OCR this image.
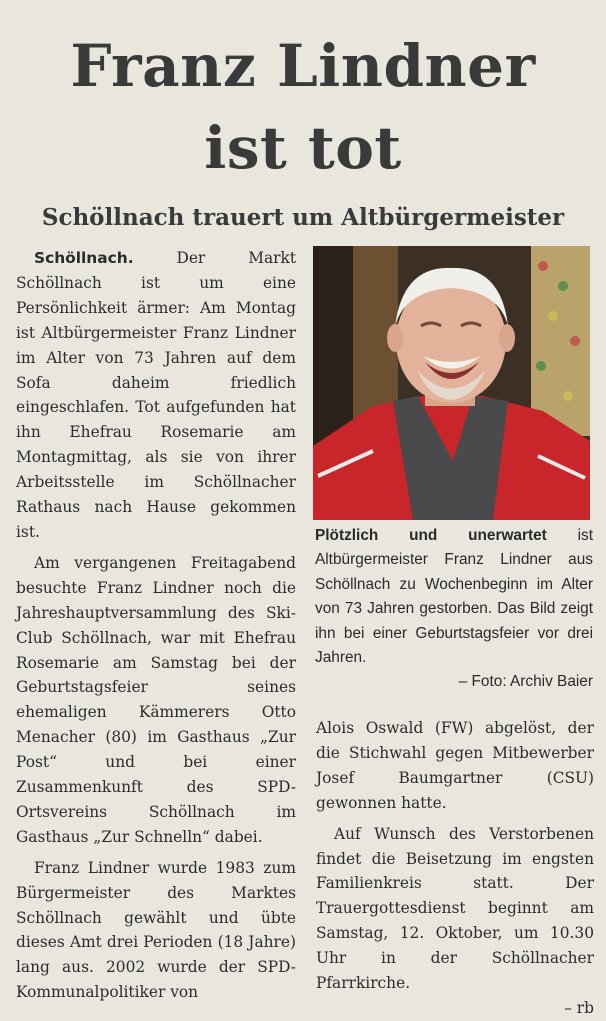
Franz Lindner
ist tot
Schöllnach trauert um Altbürgermeister

Schöllnach.	Der Markt Schöllnach ist um eine Persönlichkeit ärmer: Am Montag ist Altbürgermeister Franz Lindner im Alter von 73 Jahren auf dem Sofa daheim friedlich eingeschlafen. Tot aufgefunden hat ihn Ehefrau Rosemarie am Montagmittag, als sie von ihrer Arbeitsstelle im Schöllnacher Rathaus nach Hause gekommen ist.

Am vergangenen Freitagabend besuchte Franz Lindner noch die Jahreshauptversammlung des Ski-Club Schöllnach, war mit Ehefrau Rosemarie am Samstag bei der Geburtstagsfeier seines ehemaligen Kämmerers Otto Menacher (80) im Gasthaus „Zur Post“ und bei einer Zusammenkunft des SPD-Ortsvereins Schöllnach im Gasthaus „Zur Schnelln“ dabei.

Franz Lindner wurde 1983 zum Bürgermeister des Marktes Schöllnach gewählt und übte dieses Amt drei Perioden (18 Jahre) lang aus. 2002 wurde der SPD-Kommunalpolitiker von

Plötzlich und unerwartet ist Altbürgermeister Franz Lindner aus Schöllnach zu Wochenbeginn im Alter von 73 Jahren gestorben. Das Bild zeigt ihn bei einer Geburtstagsfeier vor drei Jahren.
– Foto: Archiv Baier

Alois Oswald (FW) abgelöst, der die Stichwahl gegen Mitbewerber Josef Baumgartner (CSU) gewonnen hatte.

Auf Wunsch des Verstorbenen findet die Beisetzung im engsten Familienkreis statt. Der Trauergottesdienst beginnt am Samstag, 12. Oktober, um 10.30 Uhr in der Schöllnacher Pfarrkirche.

– rb
